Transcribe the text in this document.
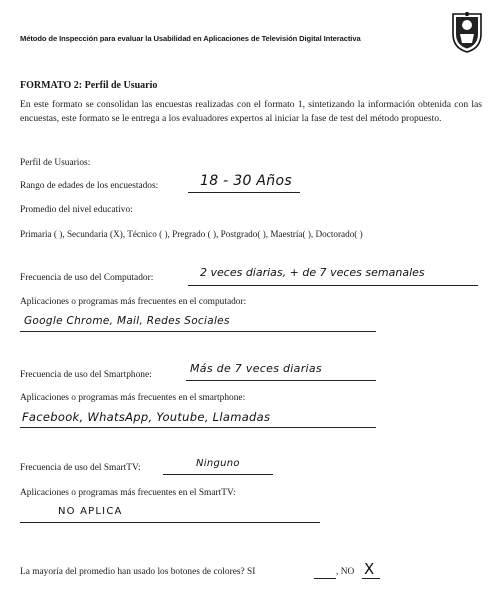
Método de Inspección para evaluar la Usabilidad en Aplicaciones de Televisión Digital Interactiva
FORMATO 2: Perfil de Usuario
En este formato se consolidan las encuestas realizadas con el formato 1, sintetizando la información obtenida con las encuestas, este formato se le entrega a los evaluadores expertos al iniciar la fase de test del método propuesto.
Perfil de Usuarios:
Rango de edades de los encuestados:	18 - 30 Años
Promedio del nivel educativo:
Primaria ( ), Secundaria (X), Técnico ( ), Pregrado ( ), Postgrado( ), Maestría( ), Doctorado( )
Frecuencia de uso del Computador:	2 veces diarias, + de 7 veces semanales
Aplicaciones o programas más frecuentes en el computador:
Google Chrome, Mail, Redes Sociales
Frecuencia de uso del Smartphone:	Más de 7 veces diarias
Aplicaciones o programas más frecuentes en el smartphone:
Facebook, WhatsApp, Youtube, Llamadas
Frecuencia de uso del SmartTV:	Ninguno
Aplicaciones o programas más frecuentes en el SmartTV:
NO APLICA
La mayoría del promedio han usado los botones de colores? SI	, NO X
